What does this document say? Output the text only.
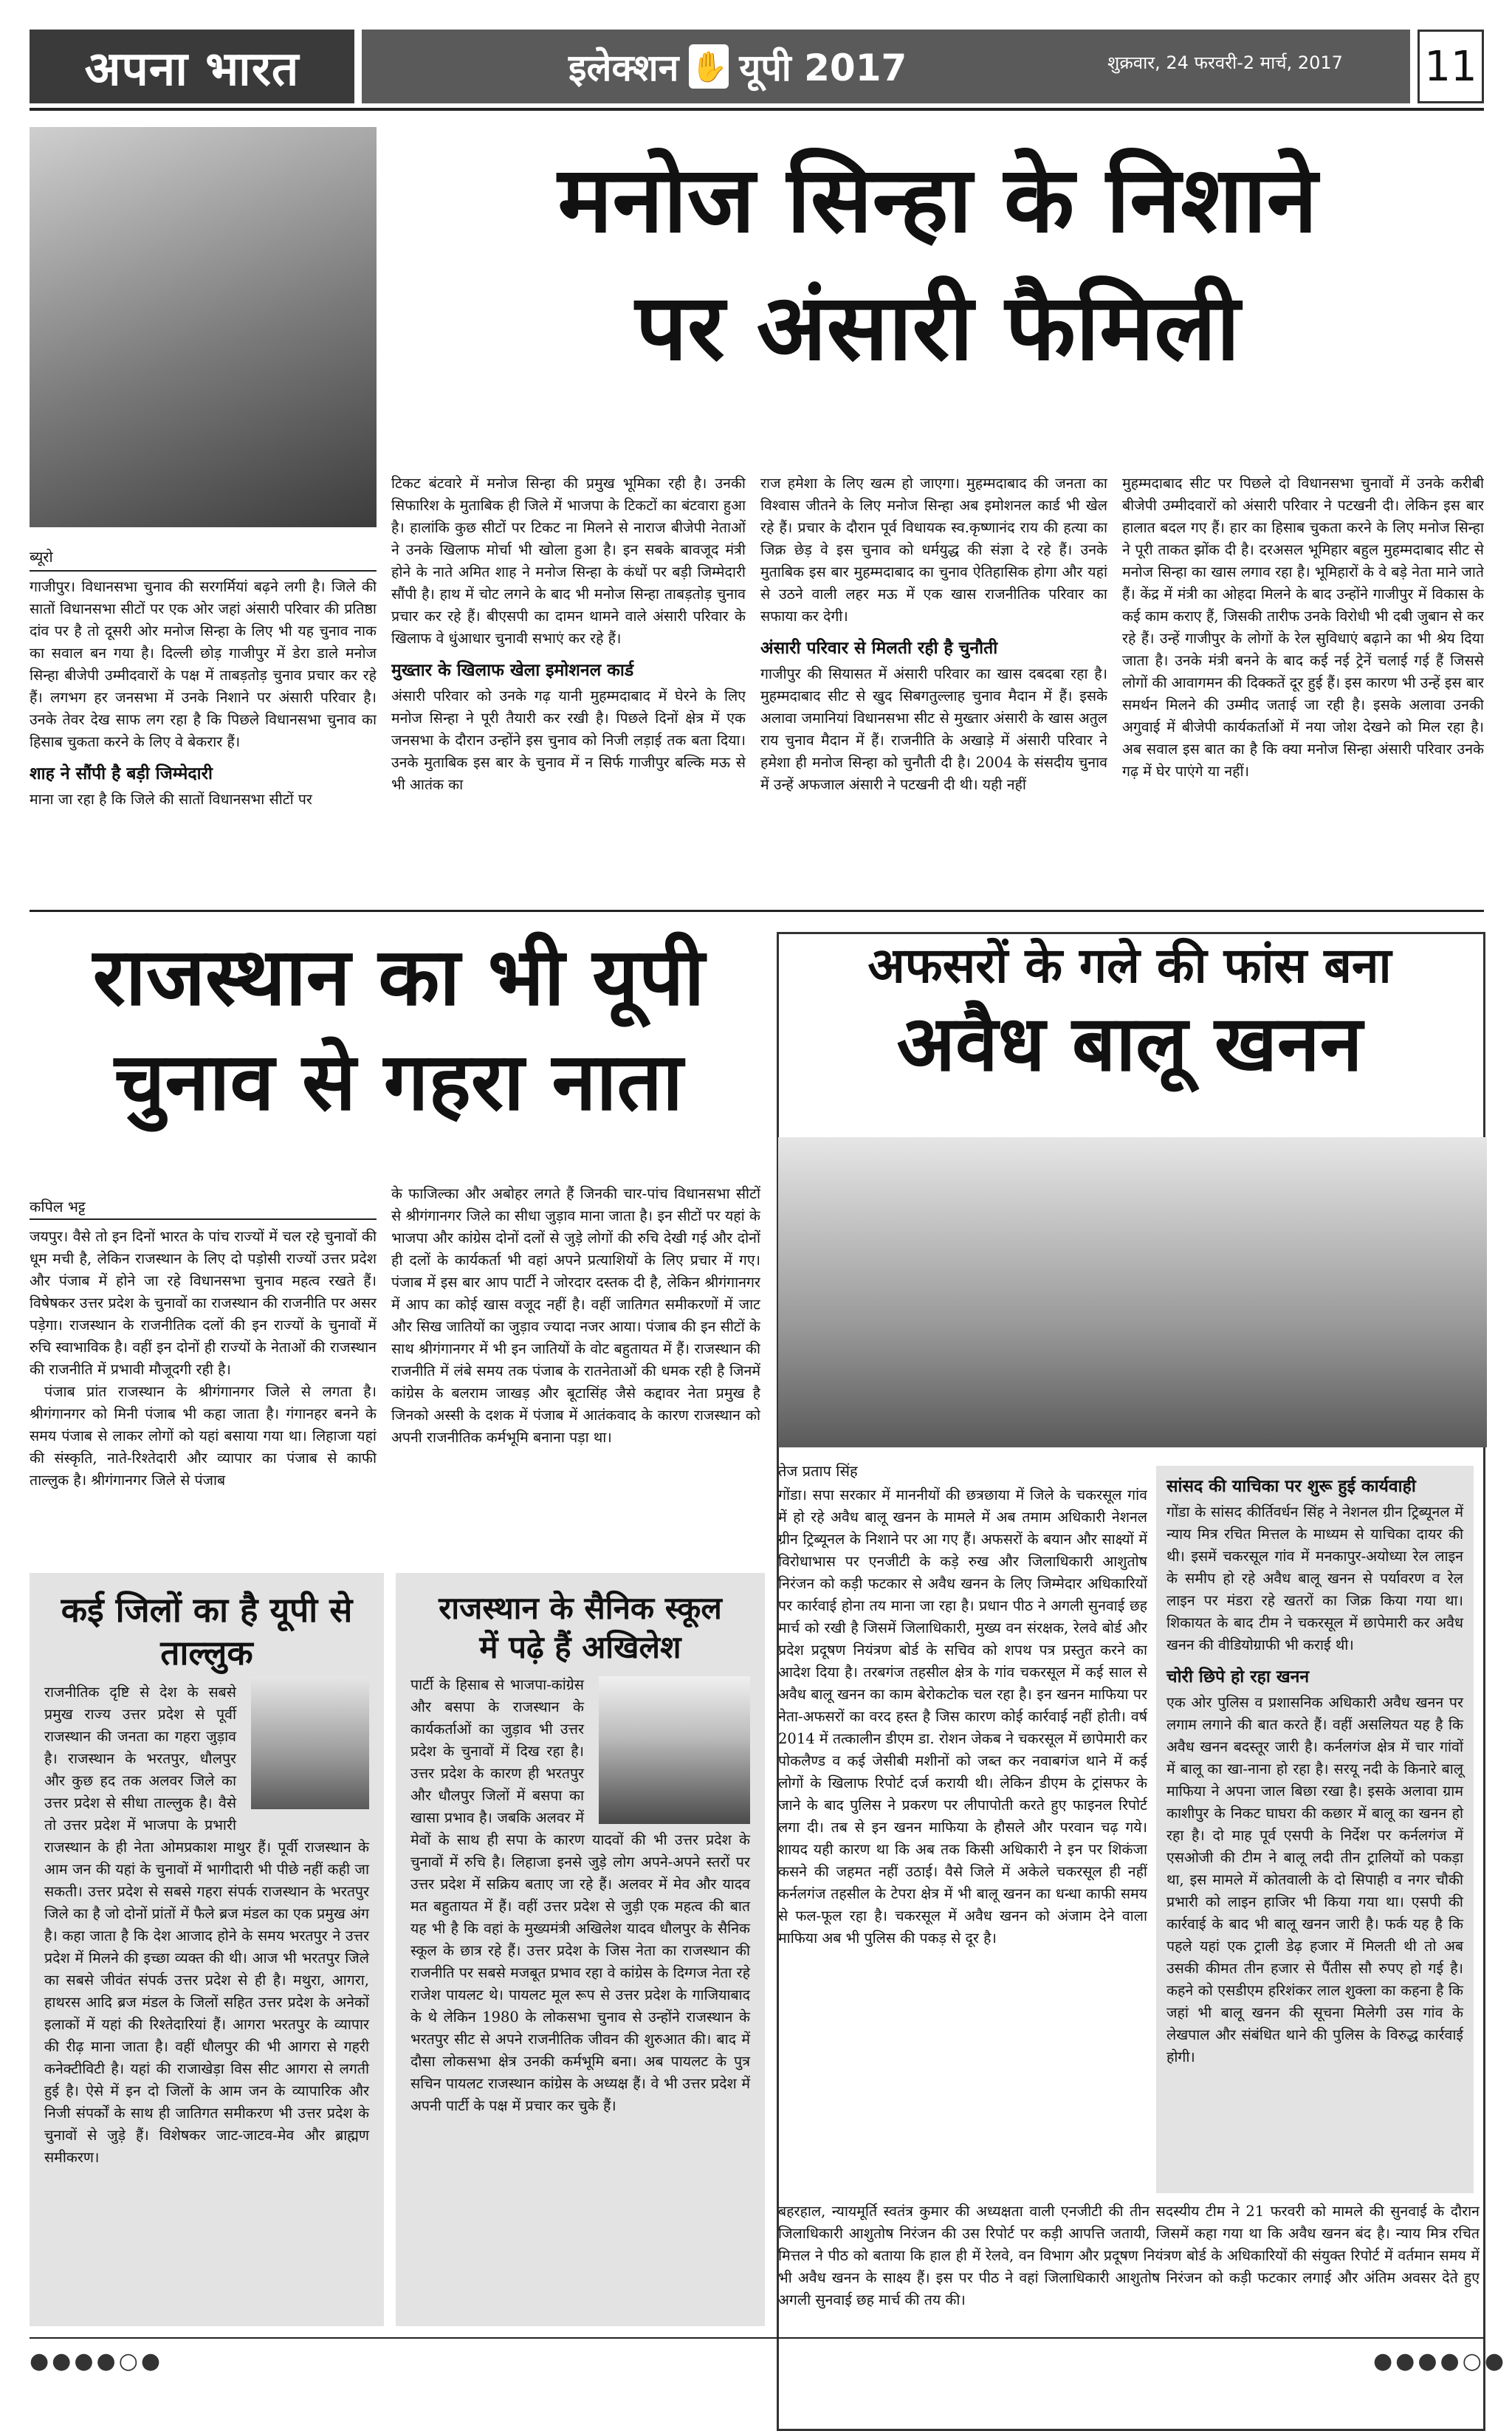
अपना भारत	इलेक्शन ✋ यूपी 2017	शुक्रवार, 24 फरवरी-2 मार्च, 2017 11
मनोज सिन्हा के निशाने
पर अंसारी फैमिली
ब्यूरो

गाजीपुर। विधानसभा चुनाव की सरगर्मियां बढ़ने लगी है। जिले की सातों विधानसभा सीटों पर एक ओर जहां अंसारी परिवार की प्रतिष्ठा दांव पर है तो दूसरी ओर मनोज सिन्हा के लिए भी यह चुनाव नाक का सवाल बन गया है। दिल्ली छोड़ गाजीपुर में डेरा डाले मनोज सिन्हा बीजेपी उम्मीदवारों के पक्ष में ताबड़तोड़ चुनाव प्रचार कर रहे हैं। लगभग हर जनसभा में उनके निशाने पर अंसारी परिवार है। उनके तेवर देख साफ लग रहा है कि पिछले विधानसभा चुनाव का हिसाब चुकता करने के लिए वे बेकरार हैं।

शाह ने सौंपी है बड़ी जिम्मेदारी

माना जा रहा है कि जिले की सातों विधानसभा सीटों पर

टिकट बंटवारे में मनोज सिन्हा की प्रमुख भूमिका रही है। उनकी सिफारिश के मुताबिक ही जिले में भाजपा के टिकटों का बंटवारा हुआ है। हालांकि कुछ सीटों पर टिकट ना मिलने से नाराज बीजेपी नेताओं ने उनके खिलाफ मोर्चा भी खोला हुआ है। इन सबके बावजूद मंत्री होने के नाते अमित शाह ने मनोज सिन्हा के कंधों पर बड़ी जिम्मेदारी सौंपी है। हाथ में चोट लगने के बाद भी मनोज सिन्हा ताबड़तोड़ चुनाव प्रचार कर रहे हैं। बीएसपी का दामन थामने वाले अंसारी परिवार के खिलाफ वे धुंआधार चुनावी सभाएं कर रहे हैं।

मुख्तार के खिलाफ खेला इमोशनल कार्ड

अंसारी परिवार को उनके गढ़ यानी मुहम्मदाबाद में घेरने के लिए मनोज सिन्हा ने पूरी तैयारी कर रखी है। पिछले दिनों क्षेत्र में एक जनसभा के दौरान उन्होंने इस चुनाव को निजी लड़ाई तक बता दिया। उनके मुताबिक इस बार के चुनाव में न सिर्फ गाजीपुर बल्कि मऊ से भी आतंक का

राज हमेशा के लिए खत्म हो जाएगा। मुहम्मदाबाद की जनता का विश्वास जीतने के लिए मनोज सिन्हा अब इमोशनल कार्ड भी खेल रहे हैं। प्रचार के दौरान पूर्व विधायक स्व.कृष्णानंद राय की हत्या का जिक्र छेड़ वे इस चुनाव को धर्मयुद्ध की संज्ञा दे रहे हैं। उनके मुताबिक इस बार मुहम्मदाबाद का चुनाव ऐतिहासिक होगा और यहां से उठने वाली लहर मऊ में एक खास राजनीतिक परिवार का सफाया कर देगी।

अंसारी परिवार से मिलती रही है चुनौती

गाजीपुर की सियासत में अंसारी परिवार का खास दबदबा रहा है। मुहम्मदाबाद सीट से खुद सिबगतुल्लाह चुनाव मैदान में हैं। इसके अलावा जमानियां विधानसभा सीट से मुख्तार अंसारी के खास अतुल राय चुनाव मैदान में हैं। राजनीति के अखाड़े में अंसारी परिवार ने हमेशा ही मनोज सिन्हा को चुनौती दी है। 2004 के संसदीय चुनाव में उन्हें अफजाल अंसारी ने पटखनी दी थी। यही नहीं

मुहम्मदाबाद सीट पर पिछले दो विधानसभा चुनावों में उनके करीबी बीजेपी उम्मीदवारों को अंसारी परिवार ने पटखनी दी। लेकिन इस बार हालात बदल गए हैं। हार का हिसाब चुकता करने के लिए मनोज सिन्हा ने पूरी ताकत झोंक दी है। दरअसल भूमिहार बहुल मुहम्मदाबाद सीट से मनोज सिन्हा का खास लगाव रहा है। भूमिहारों के वे बड़े नेता माने जाते हैं। केंद्र में मंत्री का ओहदा मिलने के बाद उन्होंने गाजीपुर में विकास के कई काम कराए हैं, जिसकी तारीफ उनके विरोधी भी दबी जुबान से कर रहे हैं। उन्हें गाजीपुर के लोगों के रेल सुविधाएं बढ़ाने का भी श्रेय दिया जाता है। उनके मंत्री बनने के बाद कई नई ट्रेनें चलाई गई हैं जिससे लोगों की आवागमन की दिक्कतें दूर हुई हैं। इस कारण भी उन्हें इस बार समर्थन मिलने की उम्मीद जताई जा रही है। इसके अलावा उनकी अगुवाई में बीजेपी कार्यकर्ताओं में नया जोश देखने को मिल रहा है। अब सवाल इस बात का है कि क्या मनोज सिन्हा अंसारी परिवार उनके गढ़ में घेर पाएंगे या नहीं।

राजस्थान का भी यूपी
चुनाव से गहरा नाता
कपिल भट्ट

जयपुर। वैसे तो इन दिनों भारत के पांच राज्यों में चल रहे चुनावों की धूम मची है, लेकिन राजस्थान के लिए दो पड़ोसी राज्यों उत्तर प्रदेश और पंजाब में होने जा रहे विधानसभा चुनाव महत्व रखते हैं। विषेषकर उत्तर प्रदेश के चुनावों का राजस्थान की राजनीति पर असर पड़ेगा। राजस्थान के राजनीतिक दलों की इन राज्यों के चुनावों में रुचि स्वाभाविक है। वहीं इन दोनों ही राज्यों के नेताओं की राजस्थान की राजनीति में प्रभावी मौजूदगी रही है।

पंजाब प्रांत राजस्थान के श्रीगंगानगर जिले से लगता है। श्रीगंगानगर को मिनी पंजाब भी कहा जाता है। गंगानहर बनने के समय पंजाब से लाकर लोगों को यहां बसाया गया था। लिहाजा यहां की संस्कृति, नाते-रिश्तेदारी और व्यापार का पंजाब से काफी ताल्लुक है। श्रीगंगानगर जिले से पंजाब

के फाजिल्का और अबोहर लगते हैं जिनकी चार-पांच विधानसभा सीटों से श्रीगंगानगर जिले का सीधा जुड़ाव माना जाता है। इन सीटों पर यहां के भाजपा और कांग्रेस दोनों दलों से जुड़े लोगों की रुचि देखी गई और दोनों ही दलों के कार्यकर्ता भी वहां अपने प्रत्याशियों के लिए प्रचार में गए। पंजाब में इस बार आप पार्टी ने जोरदार दस्तक दी है, लेकिन श्रीगंगानगर में आप का कोई खास वजूद नहीं है। वहीं जातिगत समीकरणों में जाट और सिख जातियों का जुड़ाव ज्यादा नजर आया। पंजाब की इन सीटों के साथ श्रीगंगानगर में भी इन जातियों के वोट बहुतायत में हैं। राजस्थान की राजनीति में लंबे समय तक पंजाब के रातनेताओं की धमक रही है जिनमें कांग्रेस के बलराम जाखड़ और बूटासिंह जैसे कद्दावर नेता प्रमुख है जिनको अस्सी के दशक में पंजाब में आतंकवाद के कारण राजस्थान को अपनी राजनीतिक कर्मभूमि बनाना पड़ा था।

कई जिलों का है यूपी से
ताल्लुक

राजनीतिक दृष्टि से देश के सबसे प्रमुख राज्य उत्तर प्रदेश से पूर्वी राजस्थान की जनता का गहरा जुड़ाव है। राजस्थान के भरतपुर, धौलपुर और कुछ हद तक अलवर जिले का उत्तर प्रदेश से सीधा ताल्लुक है। वैसे तो उत्तर प्रदेश में भाजपा के प्रभारी राजस्थान के ही नेता ओमप्रकाश माथुर हैं। पूर्वी राजस्थान के आम जन की यहां के चुनावों में भागीदारी भी पीछे नहीं कही जा सकती। उत्तर प्रदेश से सबसे गहरा संपर्क राजस्थान के भरतपुर जिले का है जो दोनों प्रांतों में फैले ब्रज मंडल का एक प्रमुख अंग है। कहा जाता है कि देश आजाद होने के समय भरतपुर ने उत्तर प्रदेश में मिलने की इच्छा व्यक्त की थी। आज भी भरतपुर जिले का सबसे जीवंत संपर्क उत्तर प्रदेश से ही है। मथुरा, आगरा, हाथरस आदि ब्रज मंडल के जिलों सहित उत्तर प्रदेश के अनेकों इलाकों में यहां की रिश्तेदारियां हैं। आगरा भरतपुर के व्यापार की रीढ़ माना जाता है। वहीं धौलपुर की भी आगरा से गहरी कनेक्टीविटी है। यहां की राजाखेड़ा विस सीट आगरा से लगती हुई है। ऐसे में इन दो जिलों के आम जन के व्यापारिक और निजी संपर्कों के साथ ही जातिगत समीकरण भी उत्तर प्रदेश के चुनावों से जुड़े हैं। विशेषकर जाट-जाटव-मेव और ब्राह्मण समीकरण।

राजस्थान के सैनिक स्कूल
में पढ़े हैं अखिलेश

पार्टी के हिसाब से भाजपा-कांग्रेस और बसपा के राजस्थान के कार्यकर्ताओं का जुड़ाव भी उत्तर प्रदेश के चुनावों में दिख रहा है। उत्तर प्रदेश के कारण ही भरतपुर और धौलपुर जिलों में बसपा का खासा प्रभाव है। जबकि अलवर में मेवों के साथ ही सपा के कारण यादवों की भी उत्तर प्रदेश के चुनावों में रुचि है। लिहाजा इनसे जुड़े लोग अपने-अपने स्तरों पर उत्तर प्रदेश में सक्रिय बताए जा रहे हैं। अलवर में मेव और यादव मत बहुतायत में हैं। वहीं उत्तर प्रदेश से जुड़ी एक महत्व की बात यह भी है कि वहां के मुख्यमंत्री अखिलेश यादव धौलपुर के सैनिक स्कूल के छात्र रहे हैं। उत्तर प्रदेश के जिस नेता का राजस्थान की राजनीति पर सबसे मजबूत प्रभाव रहा वे कांग्रेस के दिग्गज नेता रहे राजेश पायलट थे। पायलट मूल रूप से उत्तर प्रदेश के गाजियाबाद के थे लेकिन 1980 के लोकसभा चुनाव से उन्होंने राजस्थान के भरतपुर सीट से अपने राजनीतिक जीवन की शुरुआत की। बाद में दौसा लोकसभा क्षेत्र उनकी कर्मभूमि बना। अब पायलट के पुत्र सचिन पायलट राजस्थान कांग्रेस के अध्यक्ष हैं। वे भी उत्तर प्रदेश में अपनी पार्टी के पक्ष में प्रचार कर चुके हैं।

अफसरों के गले की फांस बना
अवैध बालू खनन
तेज प्रताप सिंह

गोंडा। सपा सरकार में माननीयों की छत्रछाया में जिले के चकरसूल गांव में हो रहे अवैध बालू खनन के मामले में अब तमाम अधिकारी नेशनल ग्रीन ट्रिब्यूनल के निशाने पर आ गए हैं। अफसरों के बयान और साक्ष्यों में विरोधाभास पर एनजीटी के कड़े रुख और जिलाधिकारी आशुतोष निरंजन को कड़ी फटकार से अवैध खनन के लिए जिम्मेदार अधिकारियों पर कार्रवाई होना तय माना जा रहा है। प्रधान पीठ ने अगली सुनवाई छह मार्च को रखी है जिसमें जिलाधिकारी, मुख्य वन संरक्षक, रेलवे बोर्ड और प्रदेश प्रदूषण नियंत्रण बोर्ड के सचिव को शपथ पत्र प्रस्तुत करने का आदेश दिया है। तरबगंज तहसील क्षेत्र के गांव चकरसूल में कई साल से अवैध बालू खनन का काम बेरोकटोक चल रहा है। इन खनन माफिया पर नेता-अफसरों का वरद हस्त है जिस कारण कोई कार्रवाई नहीं होती। वर्ष 2014 में तत्कालीन डीएम डा. रोशन जेकब ने चकरसूल में छापेमारी कर पोकलैण्ड व कई जेसीबी मशीनों को जब्त कर नवाबगंज थाने में कई लोगों के खिलाफ रिपोर्ट दर्ज करायी थी। लेकिन डीएम के ट्रांसफर के जाने के बाद पुलिस ने प्रकरण पर लीपापोती करते हुए फाइनल रिपोर्ट लगा दी। तब से इन खनन माफिया के हौसले और परवान चढ़ गये। शायद यही कारण था कि अब तक किसी अधिकारी ने इन पर शिकंजा कसने की जहमत नहीं उठाई। वैसे जिले में अकेले चकरसूल ही नहीं कर्नलगंज तहसील के टेपरा क्षेत्र में भी बालू खनन का धन्धा काफी समय से फल-फूल रहा है। चकरसूल में अवैध खनन को अंजाम देने वाला माफिया अब भी पुलिस की पकड़ से दूर है।

सांसद की याचिका पर शुरू हुई कार्यवाही

गोंडा के सांसद कीर्तिवर्धन सिंह ने नेशनल ग्रीन ट्रिब्यूनल में न्याय मित्र रचित मित्तल के माध्यम से याचिका दायर की थी। इसमें चकरसूल गांव में मनकापुर-अयोध्या रेल लाइन के समीप हो रहे अवैध बालू खनन से पर्यावरण व रेल लाइन पर मंडरा रहे खतरों का जिक्र किया गया था। शिकायत के बाद टीम ने चकरसूल में छापेमारी कर अवैध खनन की वीडियोग्राफी भी कराई थी।

चोरी छिपे हो रहा खनन

एक ओर पुलिस व प्रशासनिक अधिकारी अवैध खनन पर लगाम लगाने की बात करते हैं। वहीं असलियत यह है कि अवैध खनन बदस्तूर जारी है। कर्नलगंज क्षेत्र में चार गांवों में बालू का खा-नाना हो रहा है। सरयू नदी के किनारे बालू माफिया ने अपना जाल बिछा रखा है। इसके अलावा ग्राम काशीपुर के निकट घाघरा की कछार में बालू का खनन हो रहा है। दो माह पूर्व एसपी के निर्देश पर कर्नलगंज में एसओजी की टीम ने बालू लदी तीन ट्रालियों को पकड़ा था, इस मामले में कोतवाली के दो सिपाही व नगर चौकी प्रभारी को लाइन हाजिर भी किया गया था। एसपी की कार्रवाई के बाद भी बालू खनन जारी है। फर्क यह है कि पहले यहां एक ट्राली डेढ़ हजार में मिलती थी तो अब उसकी कीमत तीन हजार से पैंतीस सौ रुपए हो गई है। कहने को एसडीएम हरिशंकर लाल शुक्ला का कहना है कि जहां भी बालू खनन की सूचना मिलेगी उस गांव के लेखपाल और संबंधित थाने की पुलिस के विरुद्ध कार्रवाई होगी।

बहरहाल, न्यायमूर्ति स्वतंत्र कुमार की अध्यक्षता वाली एनजीटी की तीन सदस्यीय टीम ने 21 फरवरी को मामले की सुनवाई के दौरान जिलाधिकारी आशुतोष निरंजन की उस रिपोर्ट पर कड़ी आपत्ति जतायी, जिसमें कहा गया था कि अवैध खनन बंद है। न्याय मित्र रचित मित्तल ने पीठ को बताया कि हाल ही में रेलवे, वन विभाग और प्रदूषण नियंत्रण बोर्ड के अधिकारियों की संयुक्त रिपोर्ट में वर्तमान समय में भी अवैध खनन के साक्ष्य हैं। इस पर पीठ ने वहां जिलाधिकारी आशुतोष निरंजन को कड़ी फटकार लगाई और अंतिम अवसर देते हुए अगली सुनवाई छह मार्च की तय की।

●●●●○●	●●●●○●
